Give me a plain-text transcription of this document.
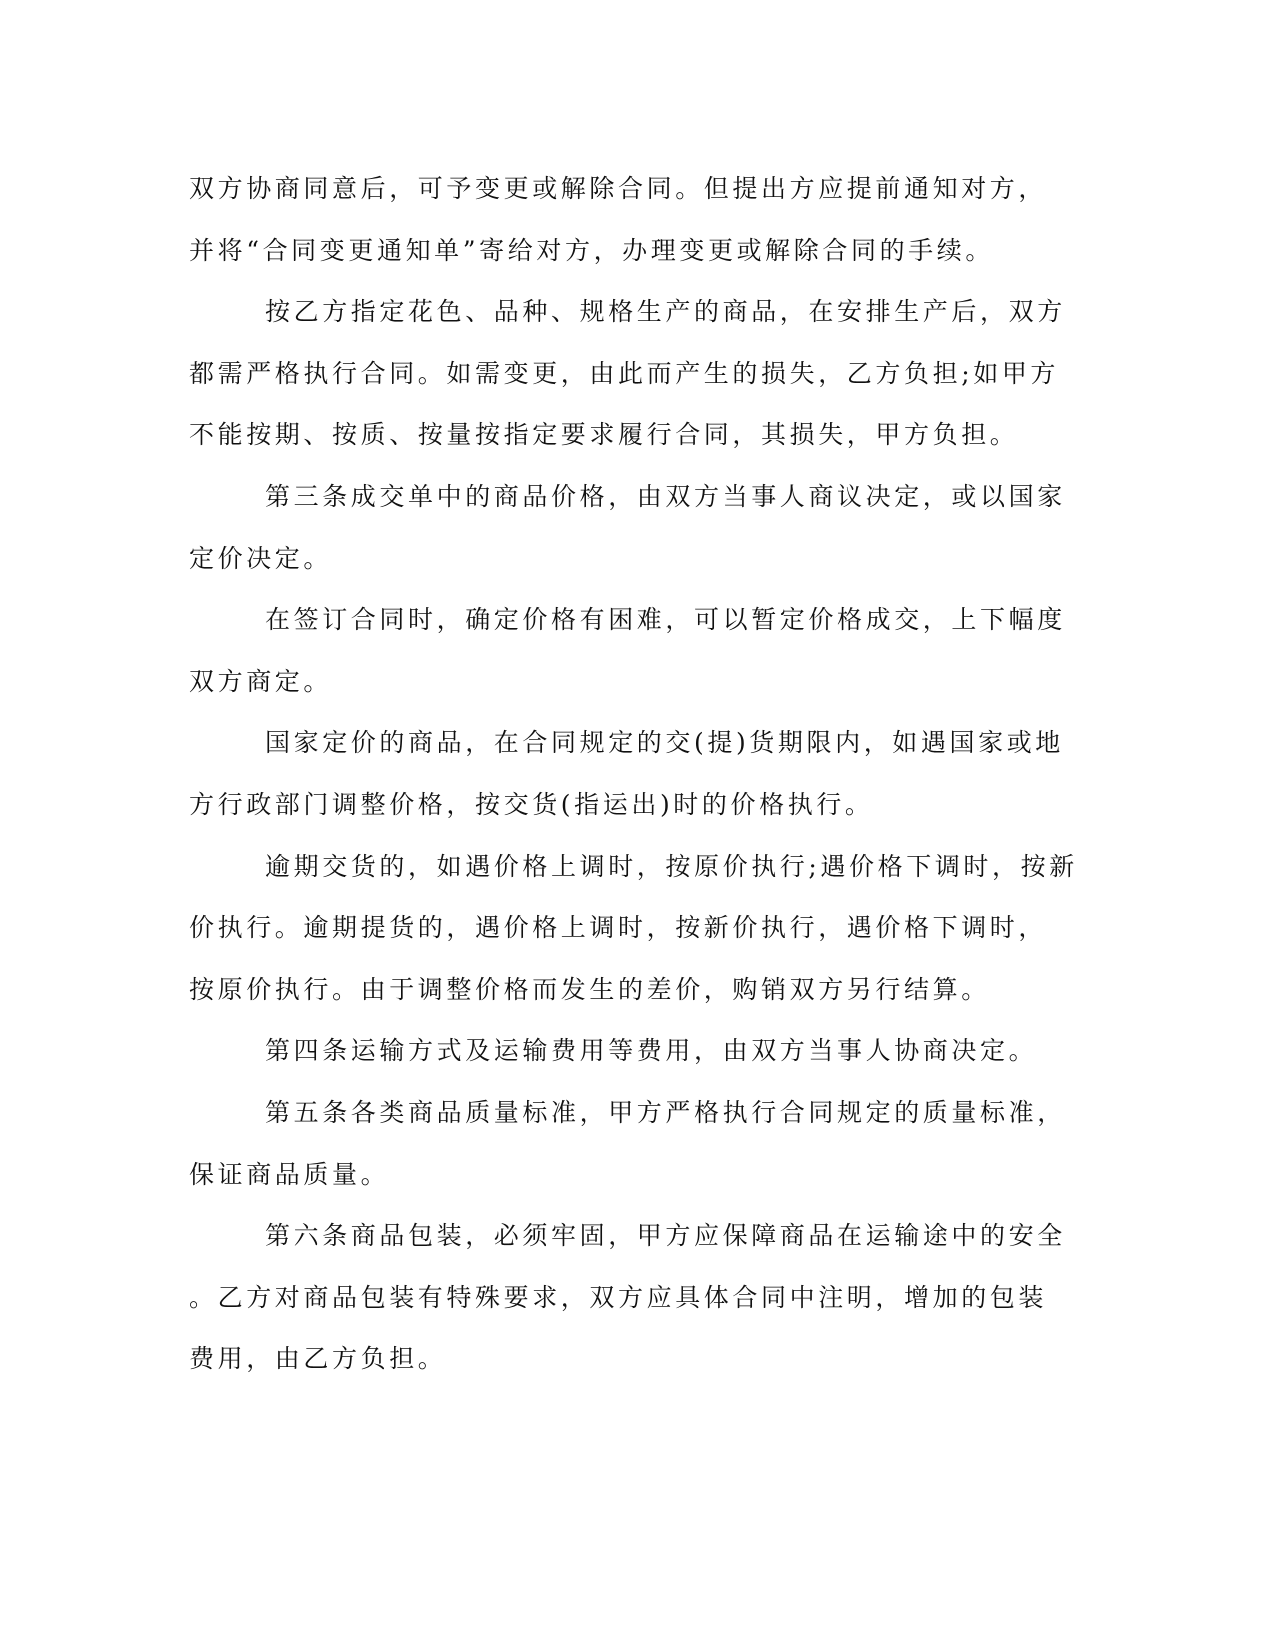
双方协商同意后，可予变更或解除合同。但提出方应提前通知对方，
并将“合同变更通知单”寄给对方，办理变更或解除合同的手续。
按乙方指定花色、品种、规格生产的商品，在安排生产后，双方
都需严格执行合同。如需变更，由此而产生的损失，乙方负担;如甲方
不能按期、按质、按量按指定要求履行合同，其损失，甲方负担。
第三条成交单中的商品价格，由双方当事人商议决定，或以国家
定价决定。
在签订合同时，确定价格有困难，可以暂定价格成交，上下幅度
双方商定。
国家定价的商品，在合同规定的交(提)货期限内，如遇国家或地
方行政部门调整价格，按交货(指运出)时的价格执行。
逾期交货的，如遇价格上调时，按原价执行;遇价格下调时，按新
价执行。逾期提货的，遇价格上调时，按新价执行，遇价格下调时，
按原价执行。由于调整价格而发生的差价，购销双方另行结算。
第四条运输方式及运输费用等费用，由双方当事人协商决定。
第五条各类商品质量标准，甲方严格执行合同规定的质量标准，
保证商品质量。
第六条商品包装，必须牢固，甲方应保障商品在运输途中的安全
。乙方对商品包装有特殊要求，双方应具体合同中注明，增加的包装
费用，由乙方负担。
